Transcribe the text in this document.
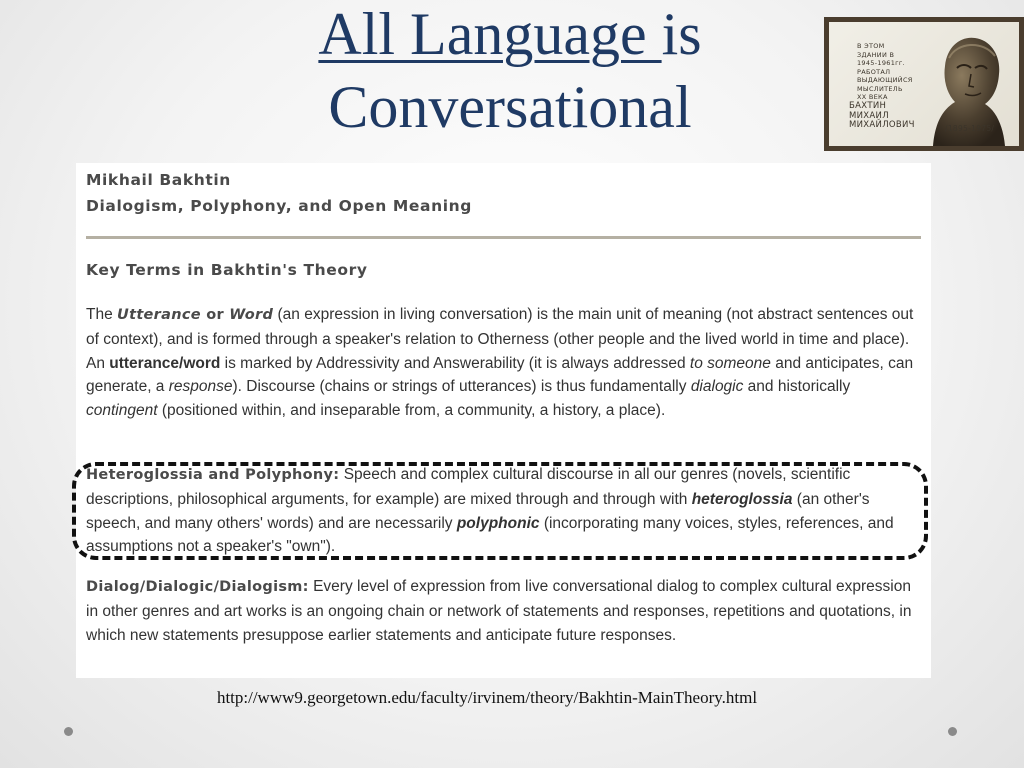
All Language is
Conversational
В ЭТОМ ЗДАНИИ В
1945-1961гг. РАБОТАЛ
ВЫДАЮЩИЙСЯ
МЫСЛИТЕЛЬ
XX ВЕКА
БАХТИН
МИХАИЛ
МИХАЙЛОВИЧ	/1895-1975/
Mikhail Bakhtin
Dialogism, Polyphony, and Open Meaning
Key Terms in Bakhtin's Theory
The Utterance or Word (an expression in living conversation) is the main unit of meaning (not abstract sentences out of context), and is formed through a speaker's relation to Otherness (other people and the lived world in time and place). An utterance/word is marked by Addressivity and Answerability (it is always addressed to someone and anticipates, can generate, a response). Discourse (chains or strings of utterances) is thus fundamentally dialogic and historically contingent (positioned within, and inseparable from, a community, a history, a place).
Heteroglossia and Polyphony: Speech and complex cultural discourse in all our genres (novels, scientific descriptions, philosophical arguments, for example) are mixed through and through with heteroglossia (an other's speech, and many others' words) and are necessarily polyphonic (incorporating many voices, styles, references, and assumptions not a speaker's "own").
Dialog/Dialogic/Dialogism: Every level of expression from live conversational dialog to complex cultural expression in other genres and art works is an ongoing chain or network of statements and responses, repetitions and quotations, in which new statements presuppose earlier statements and anticipate future responses.
http://www9.georgetown.edu/faculty/irvinem/theory/Bakhtin-MainTheory.html
